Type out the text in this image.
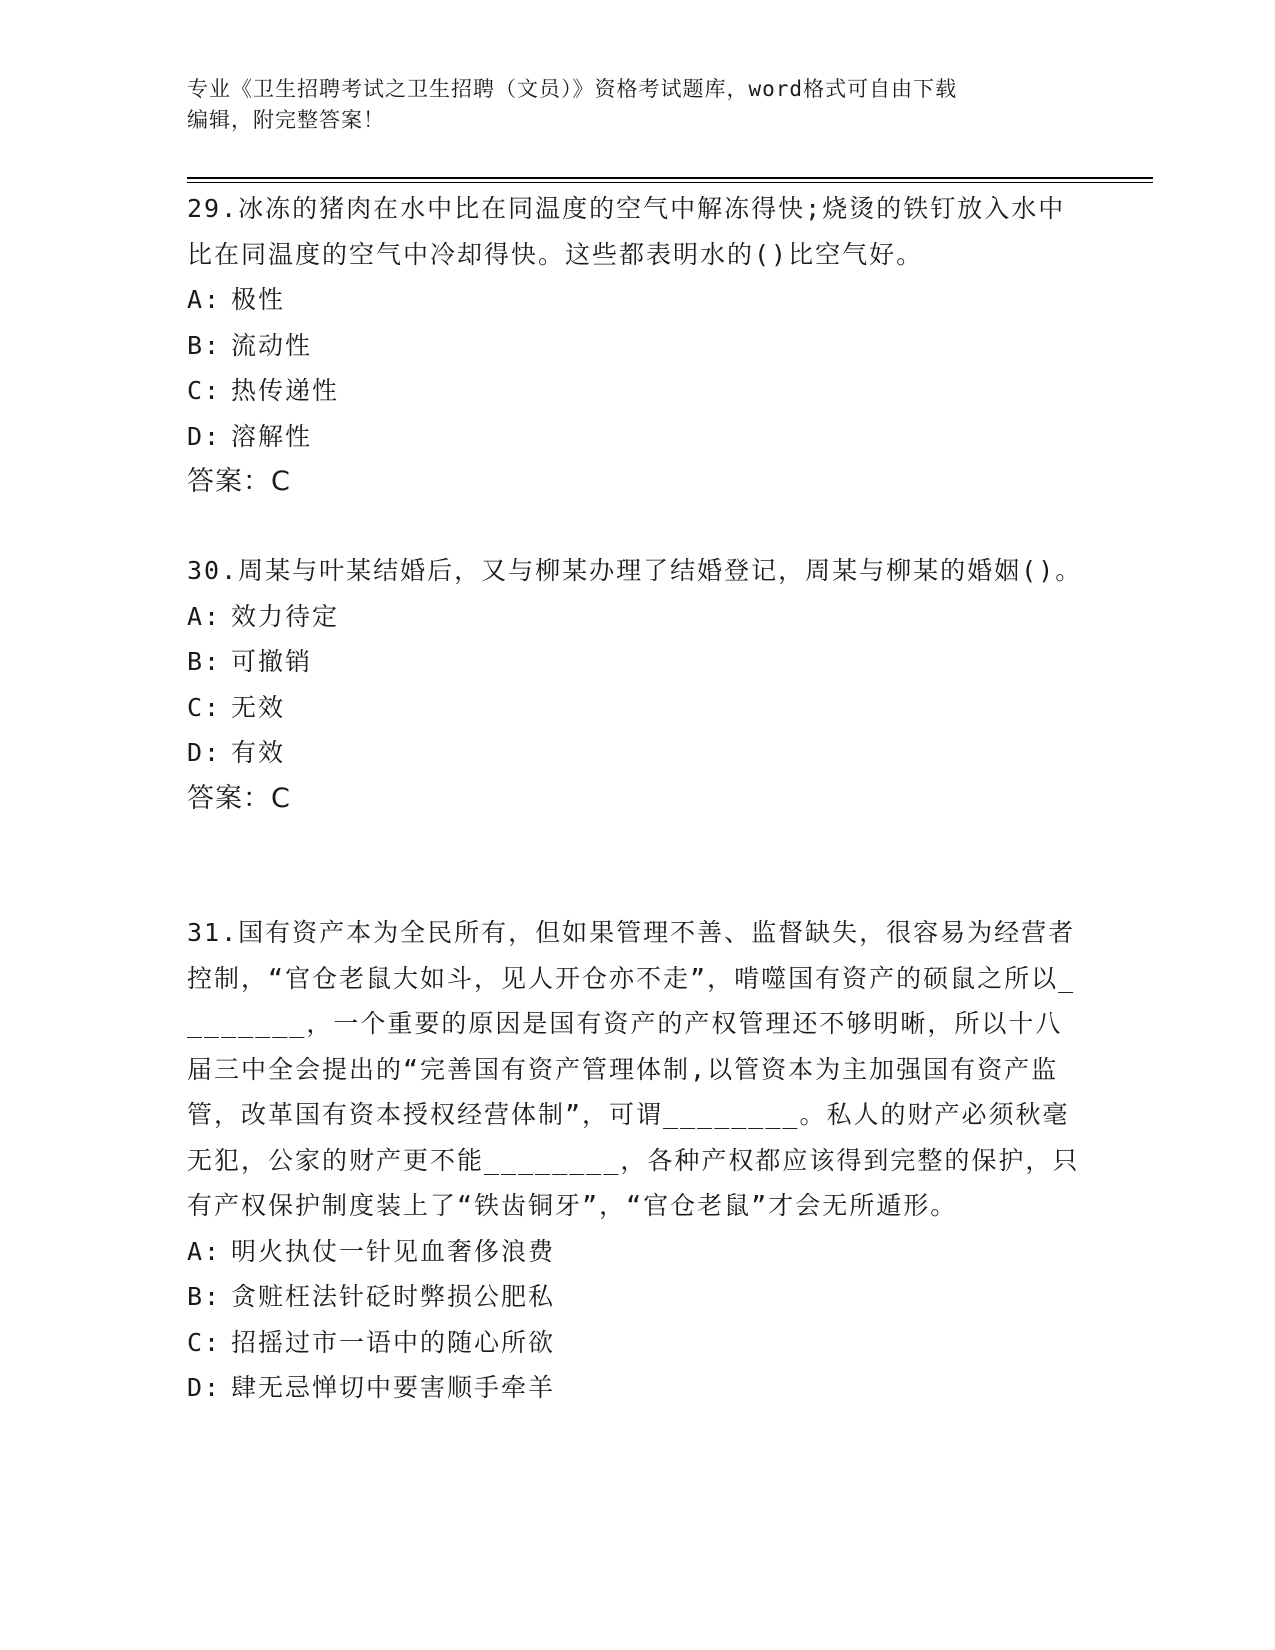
专业《卫生招聘考试之卫生招聘（文员）》资格考试题库，word格式可自由下载
编辑，附完整答案！

29.冰冻的猪肉在水中比在同温度的空气中解冻得快;烧烫的铁钉放入水中比在同温度的空气中冷却得快。这些都表明水的()比空气好。

A: 极性

B: 流动性

C: 热传递性

D: 溶解性

答案：C

30.周某与叶某结婚后，又与柳某办理了结婚登记，周某与柳某的婚姻()。

A: 效力待定

B: 可撤销

C: 无效

D: 有效

答案：C

31.国有资产本为全民所有，但如果管理不善、监督缺失，很容易为经营者控制，“官仓老鼠大如斗，见人开仓亦不走”，啃噬国有资产的硕鼠之所以________，一个重要的原因是国有资产的产权管理还不够明晰，所以十八届三中全会提出的“完善国有资产管理体制,以管资本为主加强国有资产监管，改革国有资本授权经营体制”，可谓________。私人的财产必须秋毫无犯，公家的财产更不能________，各种产权都应该得到完整的保护，只有产权保护制度装上了“铁齿铜牙”，“官仓老鼠”才会无所遁形。

A: 明火执仗一针见血奢侈浪费

B: 贪赃枉法针砭时弊损公肥私

C: 招摇过市一语中的随心所欲

D: 肆无忌惮切中要害顺手牵羊
